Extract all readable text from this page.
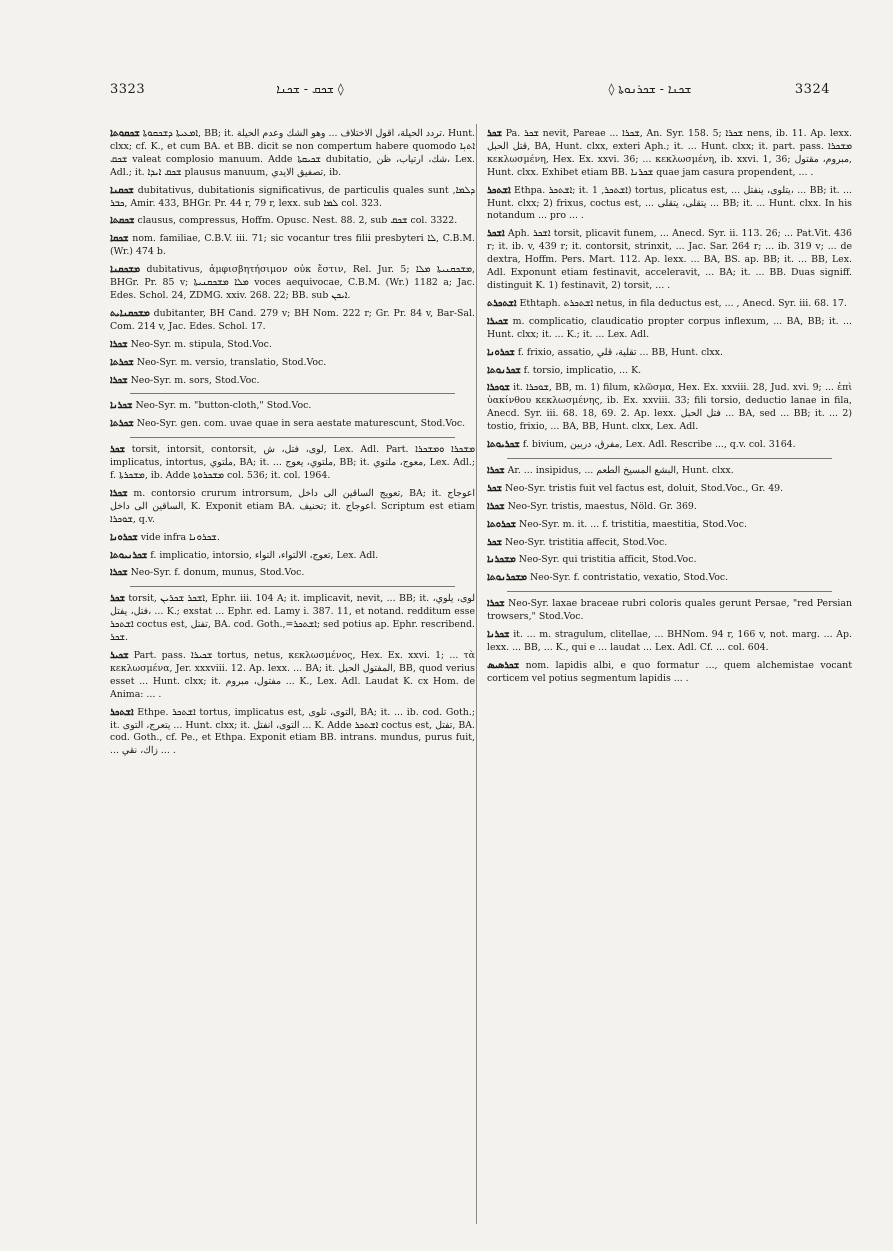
3323	ܫܟܩ - ܫܟܢܐ ◊	◊ ܫܟܢܐ - ܫܟܪܢܘܬܐ	3324

ܫܟܩܘܬܐ ܐܡܥܝܬܐ ܕܫܟܩܘܬܐ, BB; it. تردد الحيلة، اقول الاختلاف ... وهو الشك وعدم الحيلة. Hunt. clxx; cf. K., et cum BA. et BB. dicit se non compertum habere quomodo ܐܬܝܼܐ ܫܟܩ valeat complosio manuum. Adde ܫܟܝܩܬܐ dubitatio, شك، ارتياب، ظن، Lex. Adl.; it. ܫܟܩ ܐܝܕܐ plausus manuum, تصفيق الايدي, ib.

ܫܟܩܢܐ dubitativus, dubitationis significativus, de particulis quales sunt ܕܠܡܐ, ܟܒܪ, Amir. 433, BHGr. Pr. 44 r, 79 r, lexx. sub ܠܡܐ col. 323.

ܫܟܩܬܐ clausus, compressus, Hoffm. Opusc. Nest. 88. 2, sub ܫܟܩ col. 3322.

ܫܟܩܐ nom. familiae, C.B.V. iii. 71; sic vocantur tres filii presbyteri ܠܐ, C.B.M. (Wr.) 474 b.

ܡܫܟܩܢܐ dubitativus, ἀμφισβητήσιμον οὐκ ἔστιν, Rel. Jur. 5; ܡܫܟܩܢܝܬܐ ܡܠܐ, BHGr. Pr. 85 v; ܡܠܐ ܡܫܟܩܢܝܬܐ voces aequivocae, C.B.M. (Wr.) 1182 a; Jac. Edes. Schol. 24, ZDMG. xxiv. 268. 22; BB. sub ܐܝܟܢ.

ܡܫܟܩܢܐܝܬ dubitanter, BH Cand. 279 v; BH Nom. 222 r; Gr. Pr. 84 v, Bar-Sal. Com. 214 v, Jac. Edes. Schol. 17.

ܫܟܪܐ Neo-Syr. m. stipula, Stod.Voc.

ܫܟܪܬܐ Neo-Syr. m. versio, translatio, Stod.Voc.

ܫܟܪܐ Neo-Syr. m. sors, Stod.Voc.

ܫܟܪܢܐ Neo-Syr. m. "button-cloth," Stod.Voc.

ܫܟܪܬܐ Neo-Syr. gen. com. uvae quae in sera aestate maturescunt, Stod.Voc.

ܫܟܪ torsit, intorsit, contorsit, لوى، فتل، ش, Lex. Adl. Part. ܡܫܟܪܐ ܘܡܫܟܪܐ implicatus, intortus, ملتوي, BA; it. ... ملتوي، يعوج, BB; it. معوج، ملتوي, Lex. Adl.; f. ܡܫܟܪܬܐ, ib. Adde ܡܫܟܪܘܬܐ col. 536; it. col. 1964.

ܫܟܪܐ m. contorsio crurum introrsum, تعويج الساقين الى داخل, BA; it. اعوجاج الساقين الى داخل, K. Exponit etiam BA. تحنيف; it. اعوجاج. Scriptum est etiam ܫܘܟܪܐ, q.v.

ܫܟܪܘܢܐ vide infra ܫܟܪܘܢܐ.

ܫܟܪܢܝܘܬܐ f. implicatio, intorsio, تعوج، الالتواء، التواء, Lex. Adl.

ܫܟܪܐ Neo-Syr. f. donum, munus, Stod.Voc.

ܫܟܪ torsit, ܐܫܟܪ ܫܟܪܝܢ, Ephr. iii. 104 A; it. implicavit, nevit, ... BB; it. لوى، يلوي، فتل، يفتل، ... K.; exstat ... Ephr. ed. Lamy i. 387. 11, et notand. redditum esse ܐܫܬܟܪ coctus est, تفتل, BA. cod. Goth.,=ܐܫܬܟܪ; sed potius ap. Ephr. rescribend. ܫܟܪ.

ܫܟܝܪ Part. pass. ܫܟܝܪܐ tortus, netus, κεκλωσμένος, Hex. Ex. xxvi. 1; ... τὰ κεκλωσμένα, Jer. xxxviii. 12. Ap. lexx. ... BA; it. المفتول الحبل, BB, quod verius esset ... Hunt. clxx; it. مفتول، مبروم ... K., Lex. Adl. Laudat K. cx Hom. de Anima: ... .

ܐܫܬܟܪ Ethpe. ܐܫܬܟܪ tortus, implicatus est, التوى، تلوى, BA; it. ... ib. cod. Goth.; it. يتعرج، التوى ... Hunt. clxx; it. التوى، انفتل ... K. Adde ܐܫܬܟܪ coctus est, تفتل, BA. cod. Goth., cf. Pe., et Ethpa. Exponit etiam BB. intrans. mundus, purus fuit, ... زاك، نقي ... .

ܫܟܪ Pa. ܫܟܪ nevit, Pareae ... ܫܟܪܐ, An. Syr. 158. 5; ܫܟܪܐ nens, ib. 11. Ap. lexx. قتل الحبل, BA, Hunt. clxx, exteri Aph.; it. ... Hunt. clxx; it. part. pass. ܡܫܟܪܐ κεκλωσμένη, Hex. Ex. xxvi. 36; ... κεκλωσμένη, ib. xxvi. 1, 36; مبروم، مقتول, Hunt. clxx. Exhibet etiam BB. ܫܟܪܢܐ quae jam casura propendent, ... .

ܐܫܬܟܪ Ethpa. ܐܫܬܟܪ; it. ܐܫܬܟܪ, 1) tortus, plicatus est, ... يتلوى، ينفتل، ... BB; it. ... Hunt. clxx; 2) frixus, coctus est, ... يتقلى، يتقلى ... BB; it. ... Hunt. clxx. In his notandum ... pro ... .

ܐܫܟܪ Aph. ܐܫܟܪ torsit, plicavit funem, ... Anecd. Syr. ii. 113. 26; ... Pat.Vit. 436 r; it. ib. v, 439 r; it. contorsit, strinxit, ... Jac. Sar. 264 r; ... ib. 319 v; ... de dextra, Hoffm. Pers. Mart. 112. Ap. lexx. ... BA, BS. ap. BB; it. ... BB, Lex. Adl. Exponunt etiam festinavit, acceleravit, ... BA; it. ... BB. Duas signiff. distinguit K. 1) festinavit, 2) torsit, ... .

ܐܫܬܟܪܬ Ethtaph. ܐܫܬܟܪܬ netus, in fila deductus est, ... , Anecd. Syr. iii. 68. 17.

ܫܟܝܪܐ m. complicatio, claudicatio propter corpus inflexum, ... BA, BB; it. ... Hunt. clxx; it. ... K.; it. ... Lex. Adl.

ܫܟܪܘܢܐ f. frixio, assatio, تقلية، قلي ... BB, Hunt. clxx.

ܫܟܪܢܘܬܐ f. torsio, implicatio, ... K.

ܫܘܟܪܐ it. ܫܘܟܪܐ, BB, m. 1) filum, κλῶσμα, Hex. Ex. xxviii. 28, Jud. xvi. 9; ... ἐπὶ ὑακίνθου κεκλωσμένης, ib. Ex. xxviii. 33; fili torsio, deductio lanae in fila, Anecd. Syr. iii. 68. 18, 69. 2. Ap. lexx. فتل الحبل ... BA, sed ... BB; it. ... 2) tostio, frixio, ... BA, BB, Hunt. clxx, Lex. Adl.

ܫܟܪܝܘܬܐ f. bivium, مفرق، دربين, Lex. Adl. Rescribe ..., q.v. col. 3164.

ܫܟܪܐ Ar. ... insipidus, ... البشع المسيخ الطعم, Hunt. clxx.

ܫܟܪ Neo-Syr. tristis fuit vel factus est, doluit, Stod.Voc., Gr. 49.

ܫܟܪܐ Neo-Syr. tristis, maestus, Nöld. Gr. 369.

ܫܟܪܘܬܐ Neo-Syr. m. it. ... f. tristitia, maestitia, Stod.Voc.

ܫܟܪ Neo-Syr. tristitia affecit, Stod.Voc.

ܡܫܟܪܢܐ Neo-Syr. qui tristitia afficit, Stod.Voc.

ܡܫܟܪܢܘܬܐ Neo-Syr. f. contristatio, vexatio, Stod.Voc.

ܫܟܪܐ Neo-Syr. laxae braceae rubri coloris quales gerunt Persae, "red Persian trowsers," Stod.Voc.

ܫܟܪܢܐ it. ... m. stragulum, clitellae, ... BHNom. 94 r, 166 v, not. marg. ... Ap. lexx. ... BB, ... K., qui e ... laudat ... Lex. Adl. Cf. ... col. 604.

ܫܟܪܣܝܣ nom. lapidis albi, e quo formatur ..., quem alchemistae vocant corticem vel potius segmentum lapidis ... .
